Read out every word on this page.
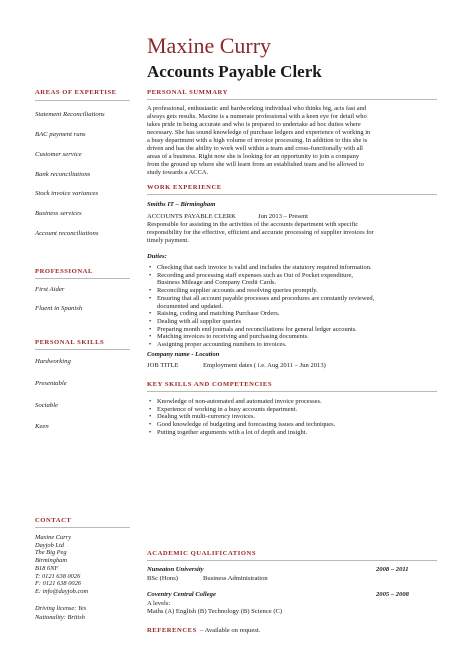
Maxine Curry
Accounts Payable Clerk
AREAS OF EXPERTISE
Statement Reconciliations
BAC payment runs
Customer service
Bank reconciliations
Stock invoice variances
Business services
Account reconciliations
PROFESSIONAL
First Aider
Fluent in Spanish
PERSONAL SKILLS
Hardworking
Presentable
Sociable
Keen
CONTACT
Maxine Curry
Dayjob Ltd
The Big Peg
Birmingham
B18 6NF
T: 0121 638 0026
F: 0121 638 0026
E: info@dayjob.com
Driving license: Yes
Nationality: British
PERSONAL SUMMARY
A professional, enthusiastic and hardworking individual who thinks big, acts fast and
always gets results. Maxine is a numerate professional with a keen eye for detail who
takes pride in being accurate and who is prepared to undertake ad hoc duties where
necessary. She has sound knowledge of purchase ledgers and experience of working in
a busy department with a high volume of invoice processing. In addition to this she is
driven and has the ability to work well within a team and cross-functionally with all
areas of a business. Right now she is looking for an opportunity to join a company
from the ground up where she will learn from an established team and be allowed to
study towards a ACCA.
WORK EXPERIENCE
Smiths IT – Birmingham
ACCOUNTS PAYABLE CLERK	Jun 2013 – Present
Responsible for assisting in the activities of the accounts department with specific
responsibility for the effective, efficient and accurate processing of supplier invoices for
timely payment.
Duties:
• Checking that each invoice is valid and includes the statutory required information.
• Recording and processing staff expenses such as Out of Pocket expenditure,
Business Mileage and Company Credit Cards.
• Reconciling supplier accounts and resolving queries promptly.
• Ensuring that all account payable processes and procedures are constantly reviewed,
documented and updated.
• Raising, coding and matching Purchase Orders.
• Dealing with all supplier queries
• Preparing month end journals and reconciliations for general ledger accounts.
• Matching invoices to receiving and purchasing documents.
• Assigning proper accounting numbers to invoices.
Company name - Location
JOB TITLE	Employment dates ( i.e. Aug 2011 – Jun 2013)
KEY SKILLS AND COMPETENCIES
• Knowledge of non-automated and automated invoice processes.
• Experience of working in a busy accounts department.
• Dealing with multi-currency invoices.
• Good knowledge of budgeting and forecasting issues and techniques.
• Putting together arguments with a lot of depth and insight.
ACADEMIC QUALIFICATIONS
Nuneaton University	2008 – 2011
BSc (Hons)	Business Administration
Coventry Central College	2005 – 2008
A levels:
Maths (A) English (B) Technology (B) Science (C)
REFERENCES – Available on request.
